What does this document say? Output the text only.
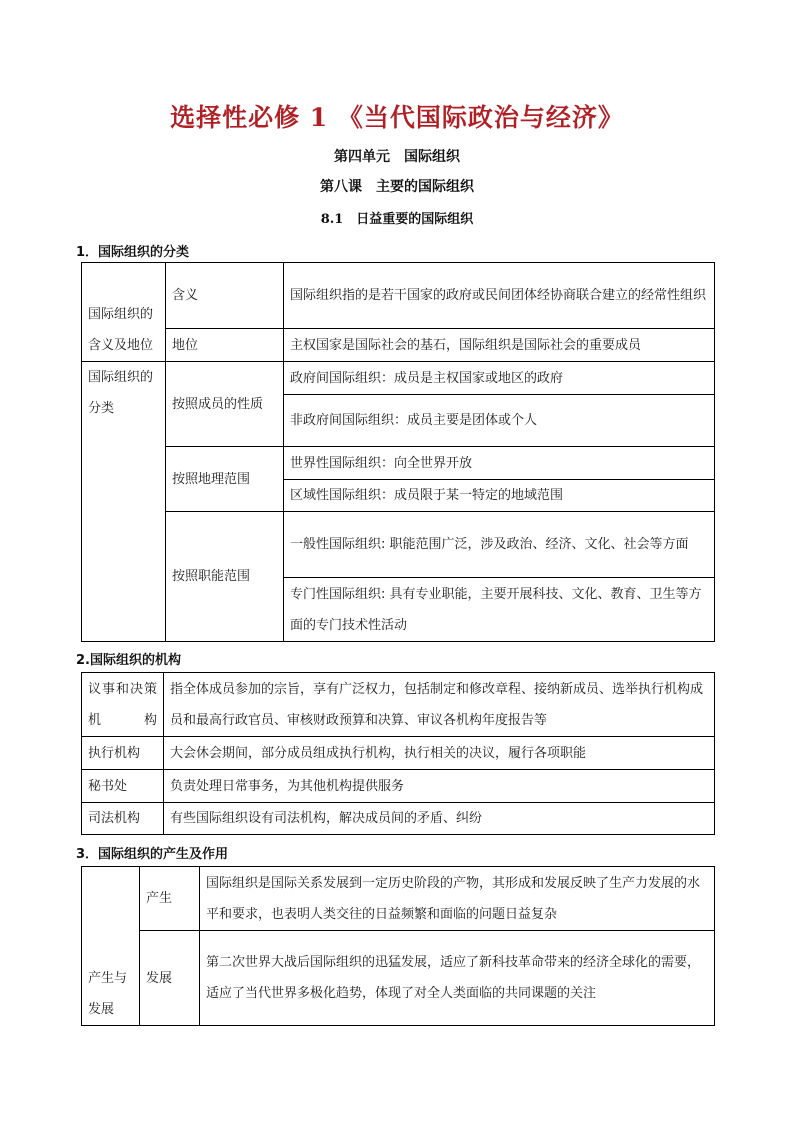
选择性必修 1 《当代国际政治与经济》
第四单元　国际组织
第八课　主要的国际组织
8.1　日益重要的国际组织
1．国际组织的分类
国际组织的含义及地位	含义	国际组织指的是若干国家的政府或民间团体经协商联合建立的经常性组织
	地位	主权国家是国际社会的基石，国际组织是国际社会的重要成员
国际组织的分类	按照成员的性质	政府间国际组织：成员是主权国家或地区的政府
		非政府间国际组织：成员主要是团体或个人
	按照地理范围	世界性国际组织：向全世界开放
		区域性国际组织：成员限于某一特定的地域范围
	按照职能范围	一般性国际组织: 职能范围广泛，涉及政治、经济、文化、社会等方面
		专门性国际组织: 具有专业职能，主要开展科技、文化、教育、卫生等方面的专门技术性活动
2.国际组织的机构
议事和决策机构	指全体成员参加的宗旨，享有广泛权力，包括制定和修改章程、接纳新成员、选举执行机构成员和最高行政官员、审核财政预算和决算、审议各机构年度报告等
执行机构	大会休会期间，部分成员组成执行机构，执行相关的决议，履行各项职能
秘书处	负责处理日常事务，为其他机构提供服务
司法机构	有些国际组织设有司法机构，解决成员间的矛盾、纠纷
3．国际组织的产生及作用
产生与发展	产生	国际组织是国际关系发展到一定历史阶段的产物，其形成和发展反映了生产力发展的水平和要求，也表明人类交往的日益频繁和面临的问题日益复杂
	发展	第二次世界大战后国际组织的迅猛发展，适应了新科技革命带来的经济全球化的需要，适应了当代世界多极化趋势，体现了对全人类面临的共同课题的关注
